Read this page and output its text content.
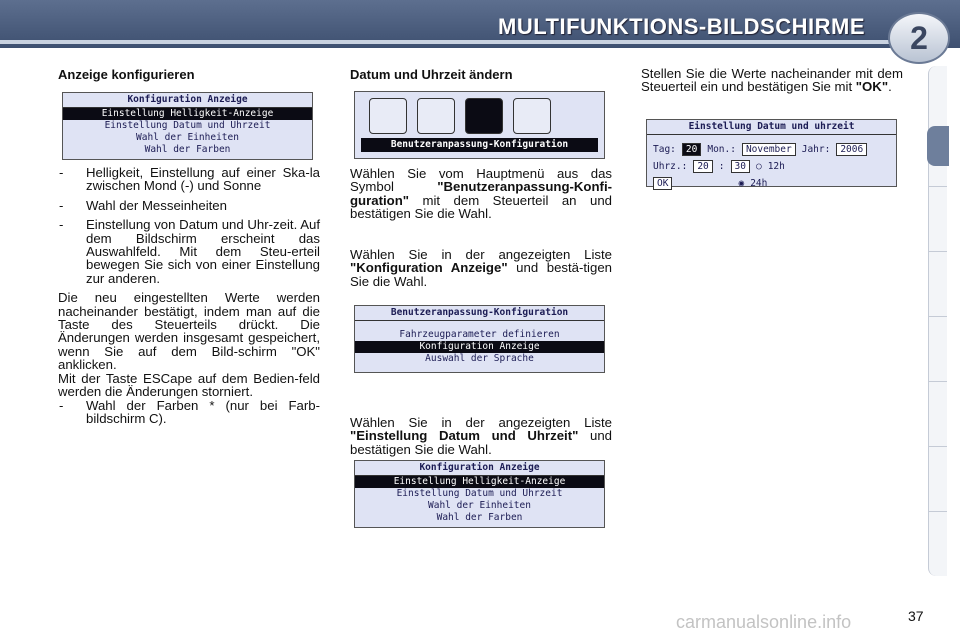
MULTIFUNKTIONS-BILDSCHIRME	2

Anzeige konfigurieren

Konfiguration Anzeige
Einstellung Helligkeit-Anzeige
Einstellung Datum und Uhrzeit
Wahl der Einheiten
Wahl der Farben
-	Helligkeit, Einstellung auf einer Ska-la zwischen Mond (-) und Sonne
-	Wahl der Messeinheiten
-	Einstellung von Datum und Uhr-zeit. Auf dem Bildschirm erscheint das Auswahlfeld. Mit dem Steu-erteil bewegen Sie sich von einer Einstellung zur anderen.

Die neu eingestellten Werte werden nacheinander bestätigt, indem man auf die Taste des Steuerteils drückt. Die Änderungen werden insgesamt gespeichert, wenn Sie auf dem Bild-schirm "OK" anklicken.

Mit der Taste ESCape auf dem Bedien-feld werden die Änderungen storniert.

-	Wahl der Farben * (nur bei Farb-bildschirm C).

Datum und Uhrzeit ändern

Benutzeranpassung-Konfiguration

Wählen Sie vom Hauptmenü aus das Symbol "Benutzeranpassung-Konfi-guration" mit dem Steuerteil an und bestätigen Sie die Wahl.

Wählen Sie in der angezeigten Liste "Konfiguration Anzeige" und bestä-tigen Sie die Wahl.

Benutzeranpassung-Konfiguration
Fahrzeugparameter definieren
Konfiguration Anzeige
Auswahl der Sprache

Wählen Sie in der angezeigten Liste "Einstellung Datum und Uhrzeit" und bestätigen Sie die Wahl.

Konfiguration Anzeige
Einstellung Helligkeit-Anzeige
Einstellung Datum und Uhrzeit
Wahl der Einheiten
Wahl der Farben

Stellen Sie die Werte nacheinander mit dem Steuerteil ein und bestätigen Sie mit "OK".

Einstellung Datum und uhrzeit
Tag:	20	Mon.:	November	Jahr:	2006
Uhrz.:	20	:	30	○ 12h
OK	◉ 24h
carmanualsonline.info	37
